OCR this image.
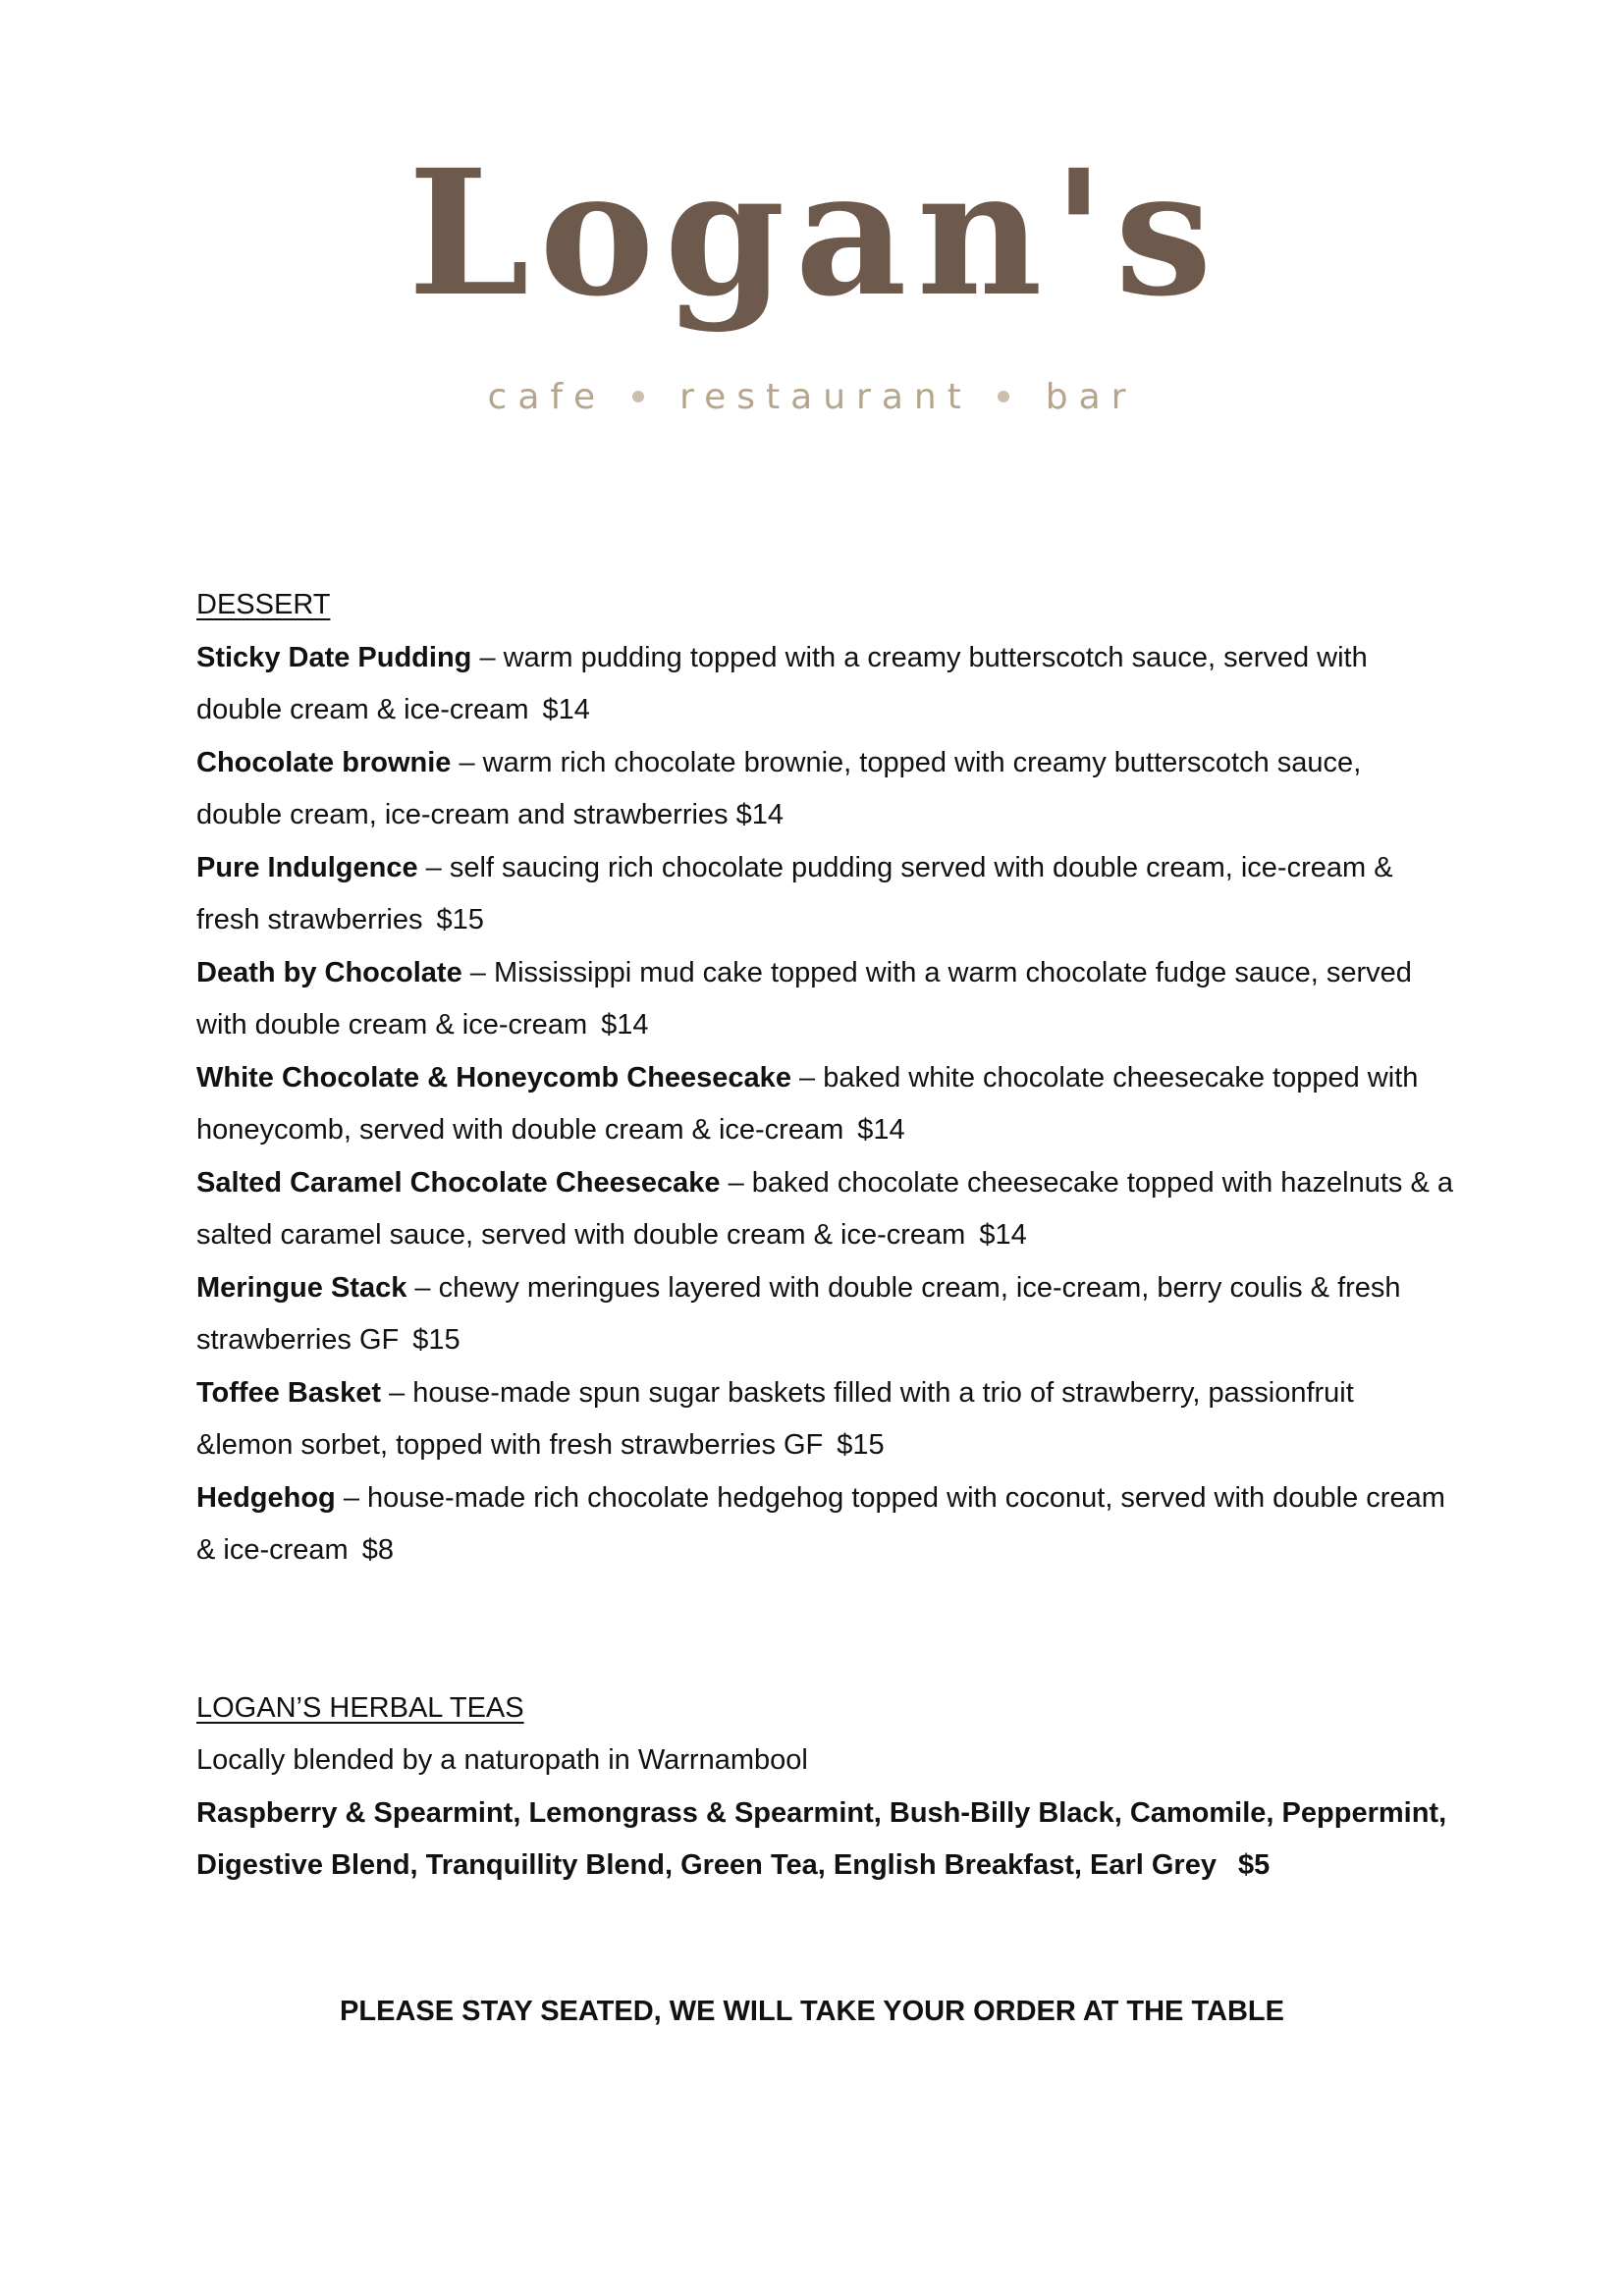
Logan's
cafe restaurant bar

DESSERT

Sticky Date Pudding – warm pudding topped with a creamy butterscotch sauce, served with double cream & ice-cream $14

Chocolate brownie – warm rich chocolate brownie, topped with creamy butterscotch sauce, double cream, ice-cream and strawberries $14

Pure Indulgence – self saucing rich chocolate pudding served with double cream, ice-cream & fresh strawberries $15

Death by Chocolate – Mississippi mud cake topped with a warm chocolate fudge sauce, served with double cream & ice-cream $14

White Chocolate & Honeycomb Cheesecake – baked white chocolate cheesecake topped with honeycomb, served with double cream & ice-cream $14

Salted Caramel Chocolate Cheesecake – baked chocolate cheesecake topped with hazelnuts & a salted caramel sauce, served with double cream & ice-cream $14

Meringue Stack – chewy meringues layered with double cream, ice-cream, berry coulis & fresh strawberries GF $15

Toffee Basket – house-made spun sugar baskets filled with a trio of strawberry, passionfruit &lemon sorbet, topped with fresh strawberries GF $15

Hedgehog – house-made rich chocolate hedgehog topped with coconut, served with double cream & ice-cream $8

LOGAN’S HERBAL TEAS

Locally blended by a naturopath in Warrnambool

Raspberry & Spearmint, Lemongrass & Spearmint, Bush-Billy Black, Camomile, Peppermint, Digestive Blend, Tranquillity Blend, Green Tea, English Breakfast, Earl Grey $5

PLEASE STAY SEATED, WE WILL TAKE YOUR ORDER AT THE TABLE
